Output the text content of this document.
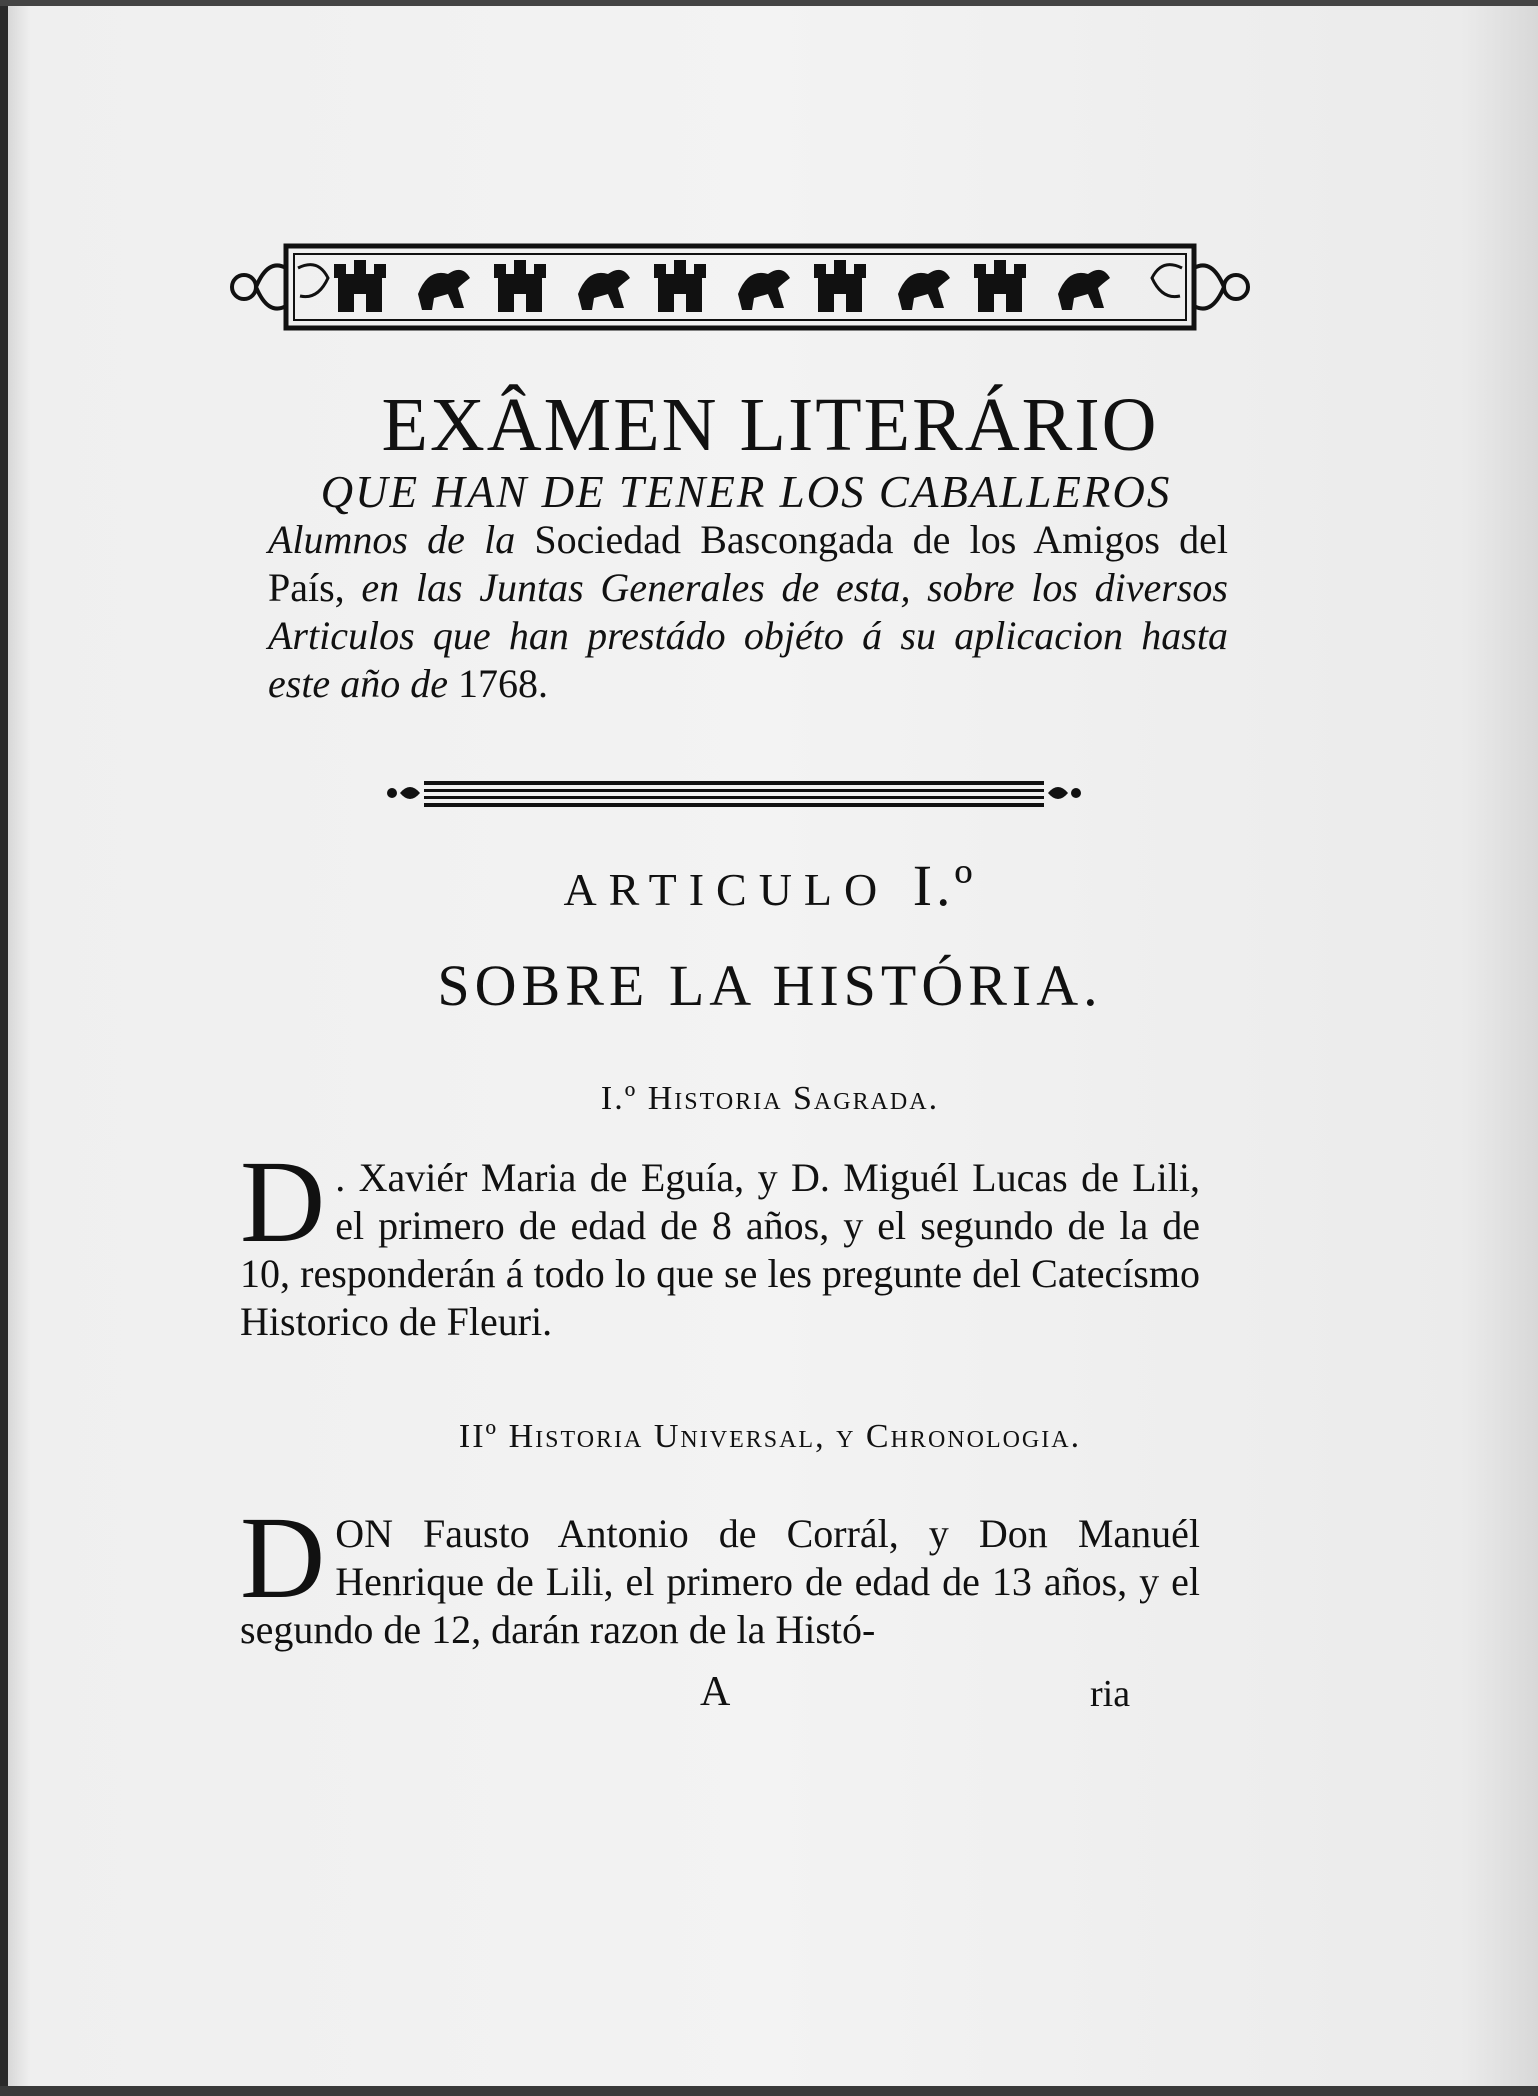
EXÂMEN LITERÁRIO

QUE HAN DE TENER LOS CABALLEROS
Alumnos de la Sociedad Bascongada de los Amigos del País, en las Juntas Generales de esta, sobre los diversos Articulos que han prestádo objéto á su aplicacion hasta este año de 1768.

ARTICULO I.º
SOBRE LA HISTÓRIA.
I.º Historia Sagrada.

D . Xaviér Maria de Eguía, y D. Miguél Lucas de Lili, el primero de edad de 8 años, y el segundo de la de 10, responderán á todo lo que se les pregunte del Catecísmo Historico de Fleuri.

IIº Historia Universal, y Chronologia.

DON Fausto Antonio de Corrál, y Don Manuél Henrique de Lili, el primero de edad de 13 años, y el segundo de 12, darán razon de la Histó-

A	ria
